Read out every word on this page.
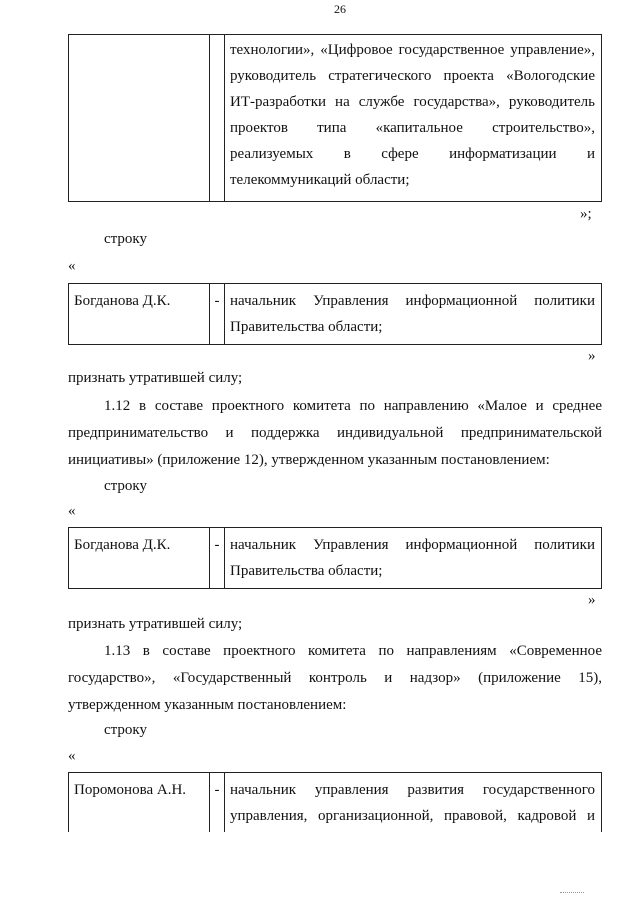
26

технологии», «Цифровое государственное управление»,
руководитель стратегического проекта «Вологодские
ИТ-разработки на службе государства», руководитель
проектов типа «капитальное строительство»,
реализуемых в сфере информатизации и
телекоммуникаций области;
»;
строку
«
Богданова Д.К.	-	начальник Управления информационной политики
Правительства области;
»
признать утратившей силу;
1.12 в составе проектного комитета по направлению «Малое и среднее
предпринимательство и поддержка индивидуальной предпринимательской
инициативы» (приложение 12), утвержденном указанным постановлением:
строку
«
Богданова Д.К.	-	начальник Управления информационной политики
Правительства области;
»
признать утратившей силу;
1.13 в составе проектного комитета по направлениям «Современное
государство», «Государственный контроль и надзор» (приложение 15),
утвержденном указанным постановлением:
строку
«
Поромонова А.Н.	-	начальник управления развития государственного
управления, организационной, правовой, кадровой и
